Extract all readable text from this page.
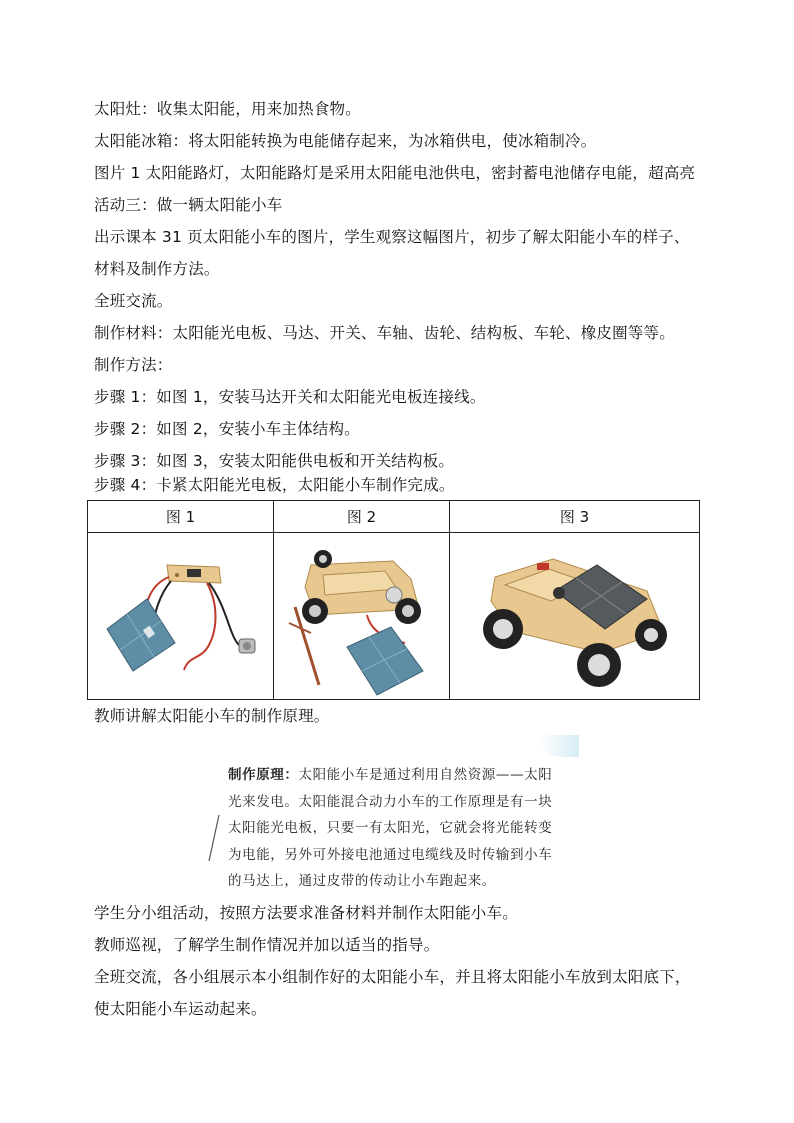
太阳灶：收集太阳能，用来加热食物。
太阳能冰箱：将太阳能转换为电能储存起来，为冰箱供电，使冰箱制冷。
图片 1 太阳能路灯，太阳能路灯是采用太阳能电池供电，密封蓄电池储存电能，超高亮
活动三：做一辆太阳能小车
出示课本 31 页太阳能小车的图片，学生观察这幅图片，初步了解太阳能小车的样子、
材料及制作方法。
全班交流。
制作材料：太阳能光电板、马达、开关、车轴、齿轮、结构板、车轮、橡皮圈等等。
制作方法：
步骤 1：如图 1，安装马达开关和太阳能光电板连接线。
步骤 2：如图 2，安装小车主体结构。
步骤 3：如图 3，安装太阳能供电板和开关结构板。
步骤 4：卡紧太阳能光电板，太阳能小车制作完成。
图 1	图 2	图 3

教师讲解太阳能小车的制作原理。
制作原理：太阳能小车是通过利用自然资源——太阳
光来发电。太阳能混合动力小车的工作原理是有一块
太阳能光电板，只要一有太阳光，它就会将光能转变
为电能，另外可外接电池通过电缆线及时传输到小车
的马达上，通过皮带的传动让小车跑起来。
学生分小组活动，按照方法要求准备材料并制作太阳能小车。
教师巡视，了解学生制作情况并加以适当的指导。
全班交流，各小组展示本小组制作好的太阳能小车，并且将太阳能小车放到太阳底下，
使太阳能小车运动起来。
